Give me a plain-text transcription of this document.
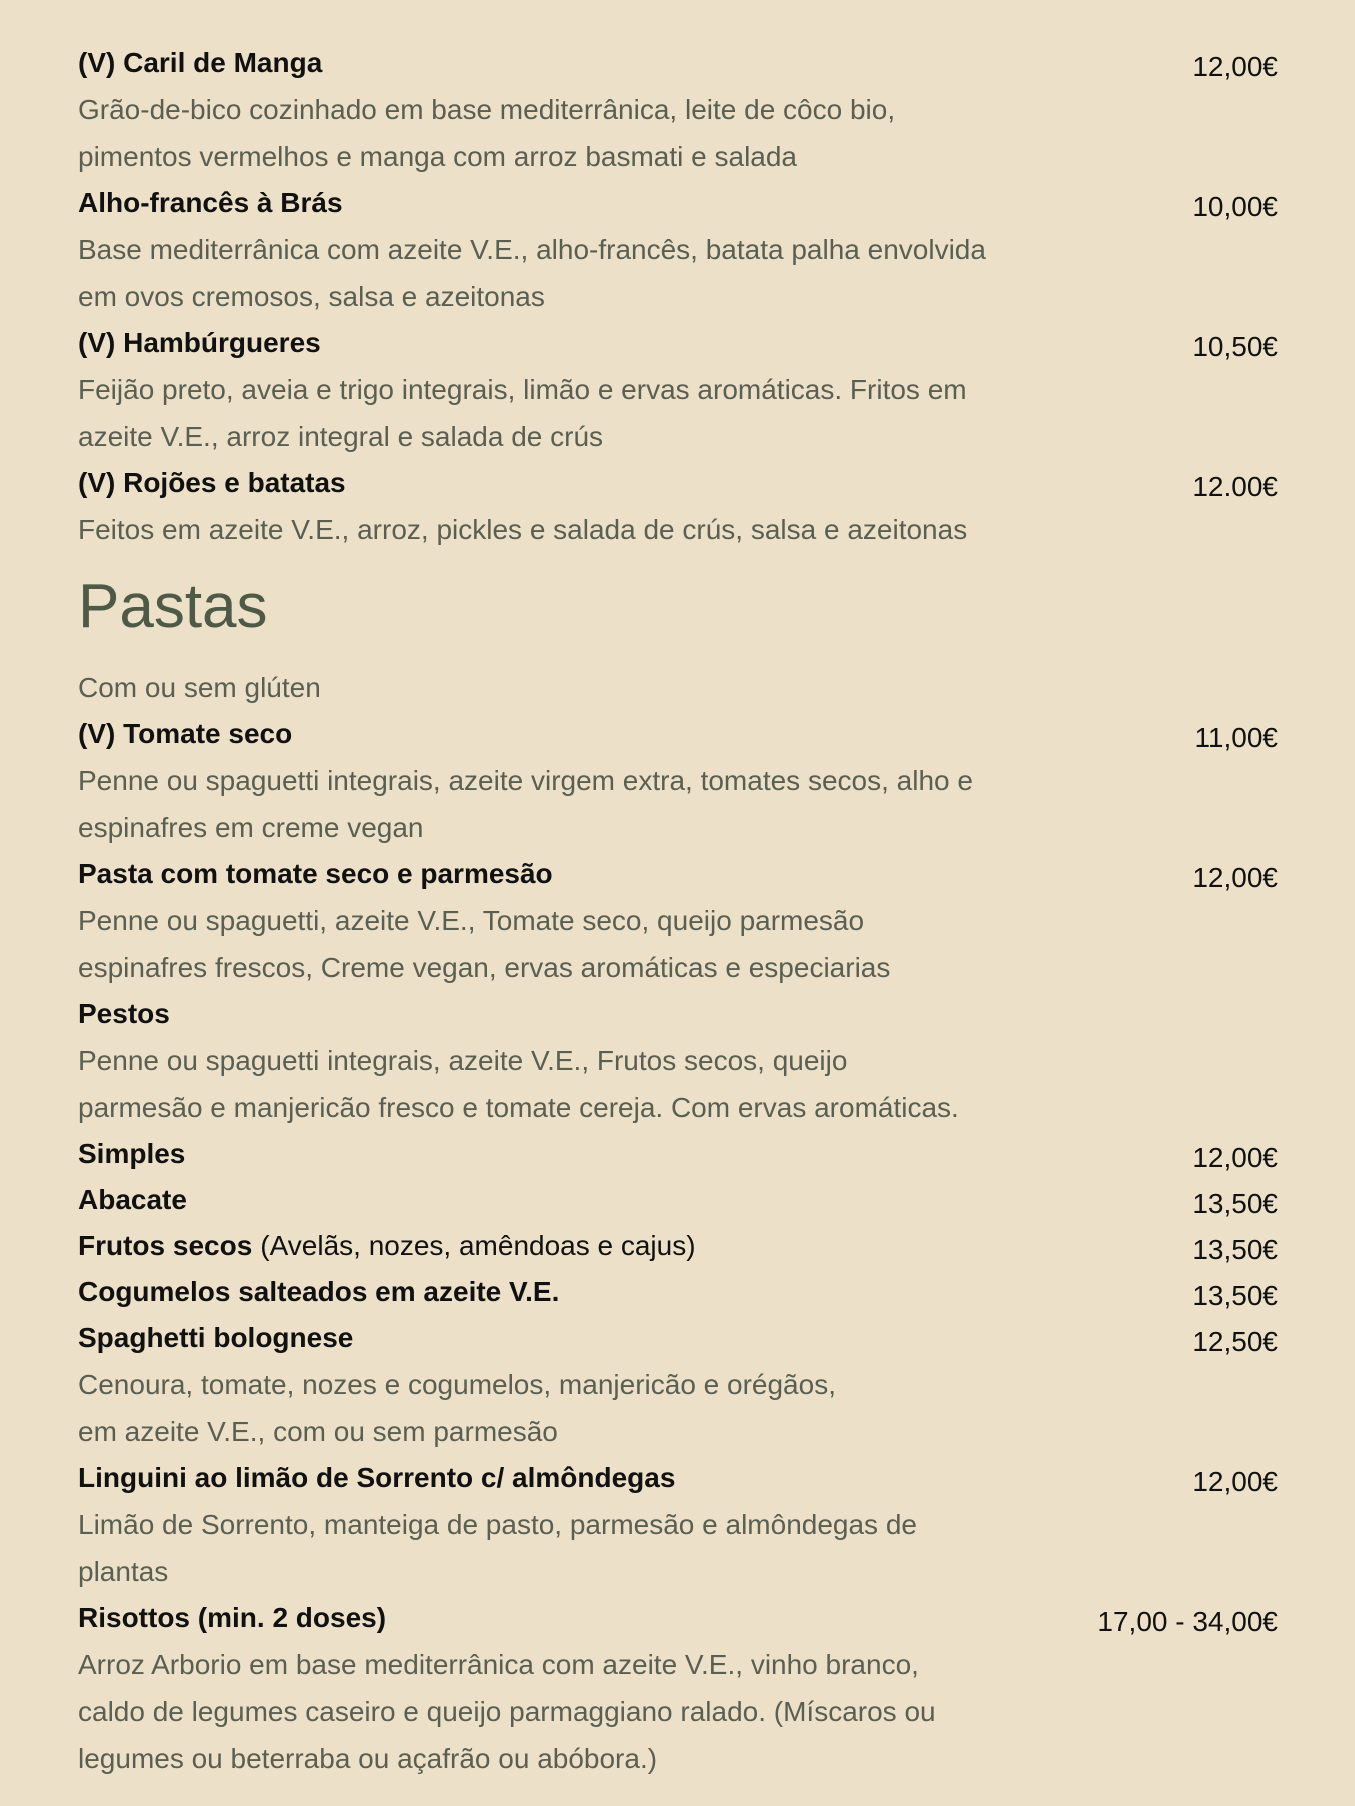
(V) Caril de Manga	12,00€
Grão-de-bico cozinhado em base mediterrânica, leite de côco bio,
pimentos vermelhos e manga com arroz basmati e salada
Alho-francês à Brás	10,00€
Base mediterrânica com azeite V.E., alho-francês, batata palha envolvida
em ovos cremosos, salsa e azeitonas
(V) Hambúrgueres	10,50€
Feijão preto, aveia e trigo integrais, limão e ervas aromáticas. Fritos em
azeite V.E., arroz integral e salada de crús
(V) Rojões e batatas	12.00€
Feitos em azeite V.E., arroz, pickles e salada de crús, salsa e azeitonas
Pastas
Com ou sem glúten
(V) Tomate seco	11,00€
Penne ou spaguetti integrais, azeite virgem extra, tomates secos, alho e
espinafres em creme vegan
Pasta com tomate seco e parmesão	12,00€
Penne ou spaguetti, azeite V.E., Tomate seco, queijo parmesão
espinafres frescos, Creme vegan, ervas aromáticas e especiarias
Pestos
Penne ou spaguetti integrais, azeite V.E., Frutos secos, queijo
parmesão e manjericão fresco e tomate cereja. Com ervas aromáticas.
Simples	12,00€
Abacate	13,50€
Frutos secos (Avelãs, nozes, amêndoas e cajus)	13,50€
Cogumelos salteados em azeite V.E.	13,50€
Spaghetti bolognese	12,50€
Cenoura, tomate, nozes e cogumelos, manjericão e orégãos,
em azeite V.E., com ou sem parmesão
Linguini ao limão de Sorrento c/ almôndegas	12,00€
Limão de Sorrento, manteiga de pasto, parmesão e almôndegas de
plantas
Risottos (min. 2 doses)	17,00 - 34,00€
Arroz Arborio em base mediterrânica com azeite V.E., vinho branco,
caldo de legumes caseiro e queijo parmaggiano ralado. (Míscaros ou
legumes ou beterraba ou açafrão ou abóbora.)
